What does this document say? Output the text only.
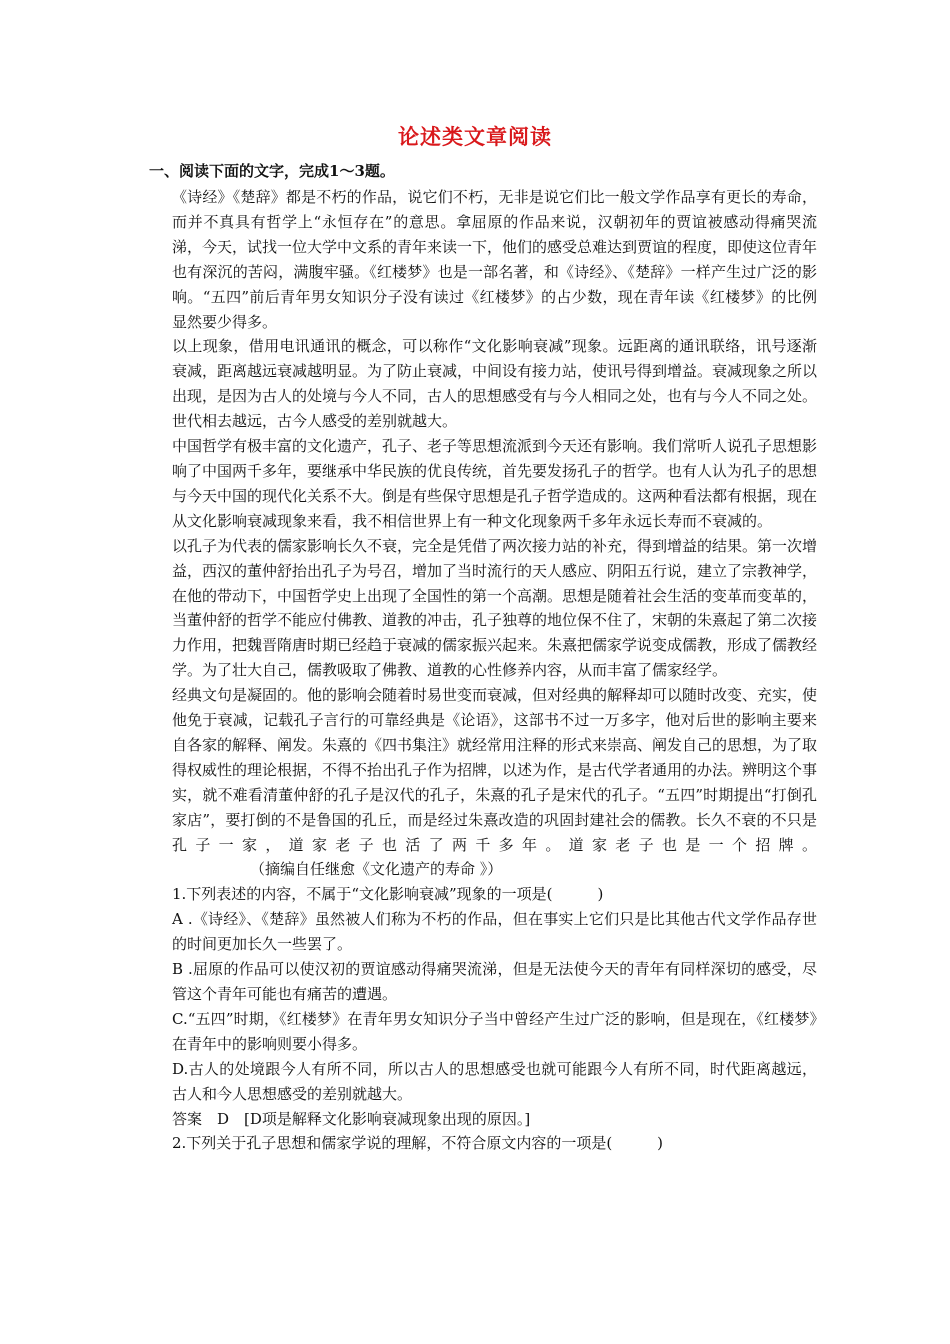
论述类文章阅读
一、阅读下面的文字，完成1～3题。

《诗经》《楚辞》都是不朽的作品，说它们不朽，无非是说它们比一般文学作品享有更长的寿命，而并不真具有哲学上“永恒存在”的意思。拿屈原的作品来说，汉朝初年的贾谊被感动得痛哭流涕，今天，试找一位大学中文系的青年来读一下，他们的感受总难达到贾谊的程度，即使这位青年也有深沉的苦闷，满腹牢骚。《红楼梦》也是一部名著，和《诗经》、《楚辞》一样产生过广泛的影响。“五四”前后青年男女知识分子没有读过《红楼梦》的占少数，现在青年读《红楼梦》的比例显然要少得多。

以上现象，借用电讯通讯的概念，可以称作“文化影响衰减”现象。远距离的通讯联络，讯号逐渐衰减，距离越远衰减越明显。为了防止衰减，中间设有接力站，使讯号得到增益。衰减现象之所以出现，是因为古人的处境与今人不同，古人的思想感受有与今人相同之处，也有与今人不同之处。世代相去越远，古今人感受的差别就越大。

中国哲学有极丰富的文化遗产，孔子、老子等思想流派到今天还有影响。我们常听人说孔子思想影响了中国两千多年，要继承中华民族的优良传统，首先要发扬孔子的哲学。也有人认为孔子的思想与今天中国的现代化关系不大。倒是有些保守思想是孔子哲学造成的。这两种看法都有根据，现在从文化影响衰减现象来看，我不相信世界上有一种文化现象两千多年永远长寿而不衰减的。

以孔子为代表的儒家影响长久不衰，完全是凭借了两次接力站的补充，得到增益的结果。第一次增益，西汉的董仲舒抬出孔子为号召，增加了当时流行的天人感应、阴阳五行说，建立了宗教神学，在他的带动下，中国哲学史上出现了全国性的第一个高潮。思想是随着社会生活的变革而变革的，当董仲舒的哲学不能应付佛教、道教的冲击，孔子独尊的地位保不住了，宋朝的朱熹起了第二次接力作用，把魏晋隋唐时期已经趋于衰减的儒家振兴起来。朱熹把儒家学说变成儒教，形成了儒教经学。为了壮大自己，儒教吸取了佛教、道教的心性修养内容，从而丰富了儒家经学。

经典文句是凝固的。他的影响会随着时易世变而衰减，但对经典的解释却可以随时改变、充实，使他免于衰减，记载孔子言行的可靠经典是《论语》，这部书不过一万多字，他对后世的影响主要来自各家的解释、阐发。朱熹的《四书集注》就经常用注释的形式来崇高、阐发自己的思想，为了取得权威性的理论根据，不得不抬出孔子作为招牌，以述为作，是古代学者通用的办法。辨明这个事实，就不难看清董仲舒的孔子是汉代的孔子，朱熹的孔子是宋代的孔子。“五四”时期提出“打倒孔家店”，要打倒的不是鲁国的孔丘，而是经过朱熹改造的巩固封建社会的儒教。长久不衰的不只是孔子一家，道家老子也活了两千多年。道家老子也是一个招牌。（摘编自任继愈《文化遗产的寿命 》）

1.下列表述的内容，不属于“文化影响衰减”现象的一项是(　　　)

A .《诗经》、《楚辞》虽然被人们称为不朽的作品，但在事实上它们只是比其他古代文学作品存世的时间更加长久一些罢了。

B .屈原的作品可以使汉初的贾谊感动得痛哭流涕，但是无法使今天的青年有同样深切的感受，尽管这个青年可能也有痛苦的遭遇。

C.“五四”时期，《红楼梦》在青年男女知识分子当中曾经产生过广泛的影响，但是现在，《红楼梦》在青年中的影响则要小得多。

D.古人的处境跟今人有所不同，所以古人的思想感受也就可能跟今人有所不同，时代距离越远，古人和今人思想感受的差别就越大。

答案　D　[D项是解释文化影响衰减现象出现的原因。]

2.下列关于孔子思想和儒家学说的理解，不符合原文内容的一项是(　　　)
